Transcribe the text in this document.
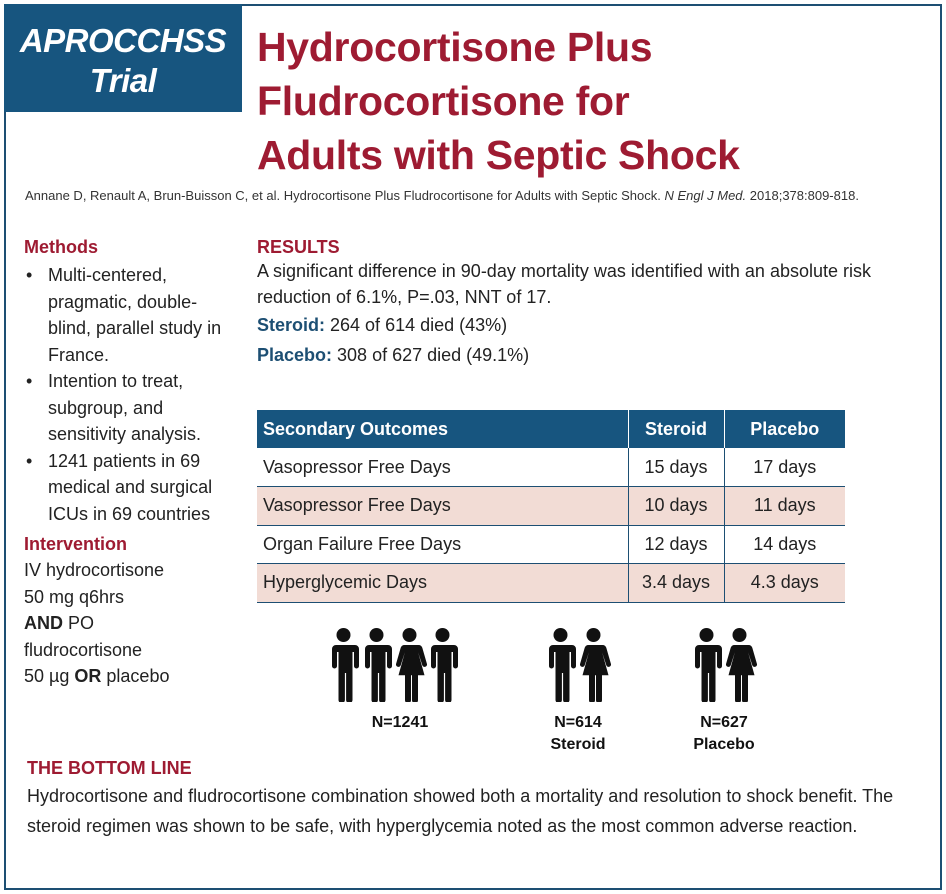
APROCCHSS
Trial
Hydrocortisone Plus
Fludrocortisone for
Adults with Septic Shock
Annane D, Renault A, Brun-Buisson C, et al. Hydrocortisone Plus Fludrocortisone for Adults with Septic Shock. N Engl J Med. 2018;378:809-818.
Methods
• Multi-centered, pragmatic, double-blind, parallel study in France.
• Intention to treat, subgroup, and sensitivity analysis.
• 1241 patients in 69 medical and surgical ICUs in 69 countries
Intervention
IV hydrocortisone
50 mg q6hrs
AND PO
fludrocortisone
50 µg OR placebo
RESULTS

A significant difference in 90-day mortality was identified with an absolute risk reduction of 6.1%, P=.03, NNT of 17.

Steroid: 264 of 614 died (43%)
Placebo: 308 of 627 died (49.1%)
Secondary Outcomes	Steroid	Placebo
Vasopressor Free Days	15 days	17 days
Vasopressor Free Days	10 days	11 days
Organ Failure Free Days	12 days	14 days
Hyperglycemic Days	3.4 days	4.3 days
N=1241	N=614
Steroid
N=627
Placebo
THE BOTTOM LINE

Hydrocortisone and fludrocortisone combination showed both a mortality and resolution to shock benefit. The steroid regimen was shown to be safe, with hyperglycemia noted as the most common adverse reaction.
